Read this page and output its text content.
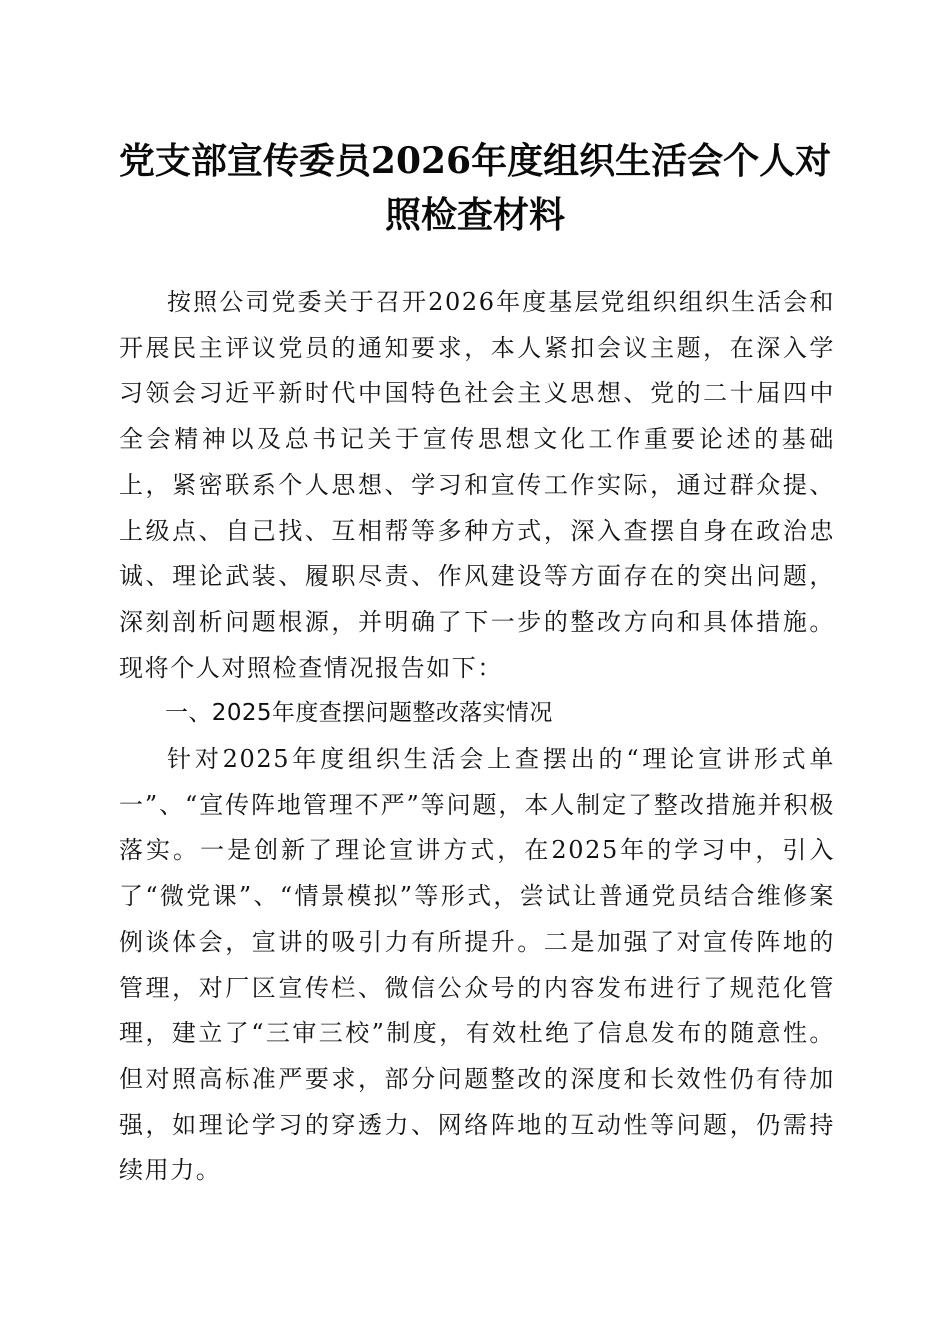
党支部宣传委员2026年度组织生活会个人对
照检查材料

按照公司党委关于召开2026年度基层党组织组织生活会和开展民主评议党员的通知要求，本人紧扣会议主题，在深入学习领会习近平新时代中国特色社会主义思想、党的二十届四中全会精神以及总书记关于宣传思想文化工作重要论述的基础上，紧密联系个人思想、学习和宣传工作实际，通过群众提、上级点、自己找、互相帮等多种方式，深入查摆自身在政治忠诚、理论武装、履职尽责、作风建设等方面存在的突出问题，深刻剖析问题根源，并明确了下一步的整改方向和具体措施。现将个人对照检查情况报告如下：

一、2025年度查摆问题整改落实情况

针对2025年度组织生活会上查摆出的“理论宣讲形式单一”、“宣传阵地管理不严”等问题，本人制定了整改措施并积极落实。一是创新了理论宣讲方式，在2025年的学习中，引入了“微党课”、“情景模拟”等形式，尝试让普通党员结合维修案例谈体会，宣讲的吸引力有所提升。二是加强了对宣传阵地的管理，对厂区宣传栏、微信公众号的内容发布进行了规范化管理，建立了“三审三校”制度，有效杜绝了信息发布的随意性。但对照高标准严要求，部分问题整改的深度和长效性仍有待加强，如理论学习的穿透力、网络阵地的互动性等问题，仍需持续用力。
